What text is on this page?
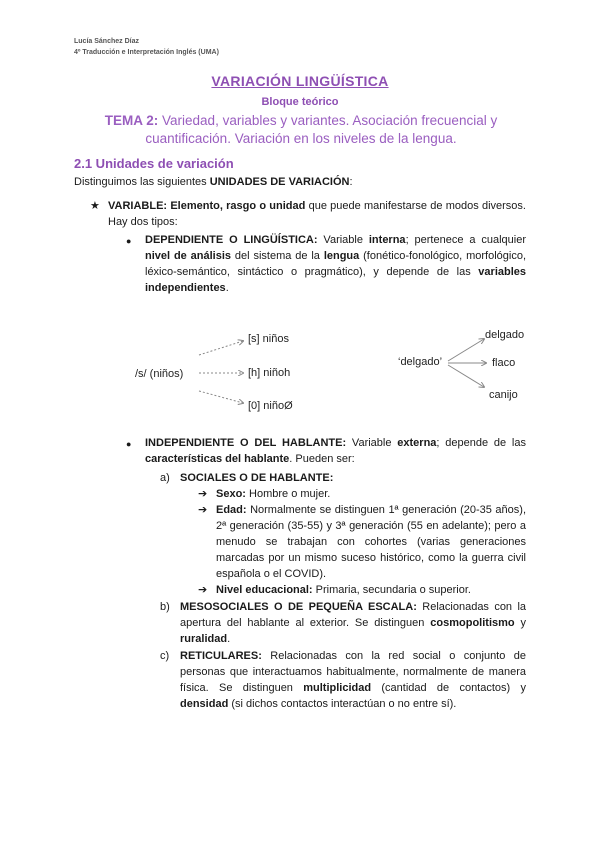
Lucía Sánchez Díaz
4º Traducción e Interpretación Inglés (UMA)
VARIACIÓN LINGÜÍSTICA
Bloque teórico
TEMA 2: Variedad, variables y variantes. Asociación frecuencial y cuantificación. Variación en los niveles de la lengua.
2.1 Unidades de variación
Distinguimos las siguientes UNIDADES DE VARIACIÓN:
★ VARIABLE: Elemento, rasgo o unidad que puede manifestarse de modos diversos. Hay dos tipos:
● DEPENDIENTE O LINGÜÍSTICA: Variable interna; pertenece a cualquier nivel de análisis del sistema de la lengua (fonético-fonológico, morfológico, léxico-semántico, sintáctico o pragmático), y depende de las variables independientes.
/s/ (niños)
[s] niños
[h] niñoh
[0] niñoØ
‘delgado’
delgado
flaco
canijo
● INDEPENDIENTE O DEL HABLANTE: Variable externa; depende de las características del hablante. Pueden ser:
a) SOCIALES O DE HABLANTE:
➔ Sexo: Hombre o mujer.
➔ Edad: Normalmente se distinguen 1ª generación (20-35 años), 2ª generación (35-55) y 3ª generación (55 en adelante); pero a menudo se trabajan con cohortes (varias generaciones marcadas por un mismo suceso histórico, como la guerra civil española o el COVID).
➔ Nivel educacional: Primaria, secundaria o superior.
b) MESOSOCIALES O DE PEQUEÑA ESCALA: Relacionadas con la apertura del hablante al exterior. Se distinguen cosmopolitismo y ruralidad.
c) RETICULARES: Relacionadas con la red social o conjunto de personas que interactuamos habitualmente, normalmente de manera física. Se distinguen multiplicidad (cantidad de contactos) y densidad (si dichos contactos interactúan o no entre sí).
